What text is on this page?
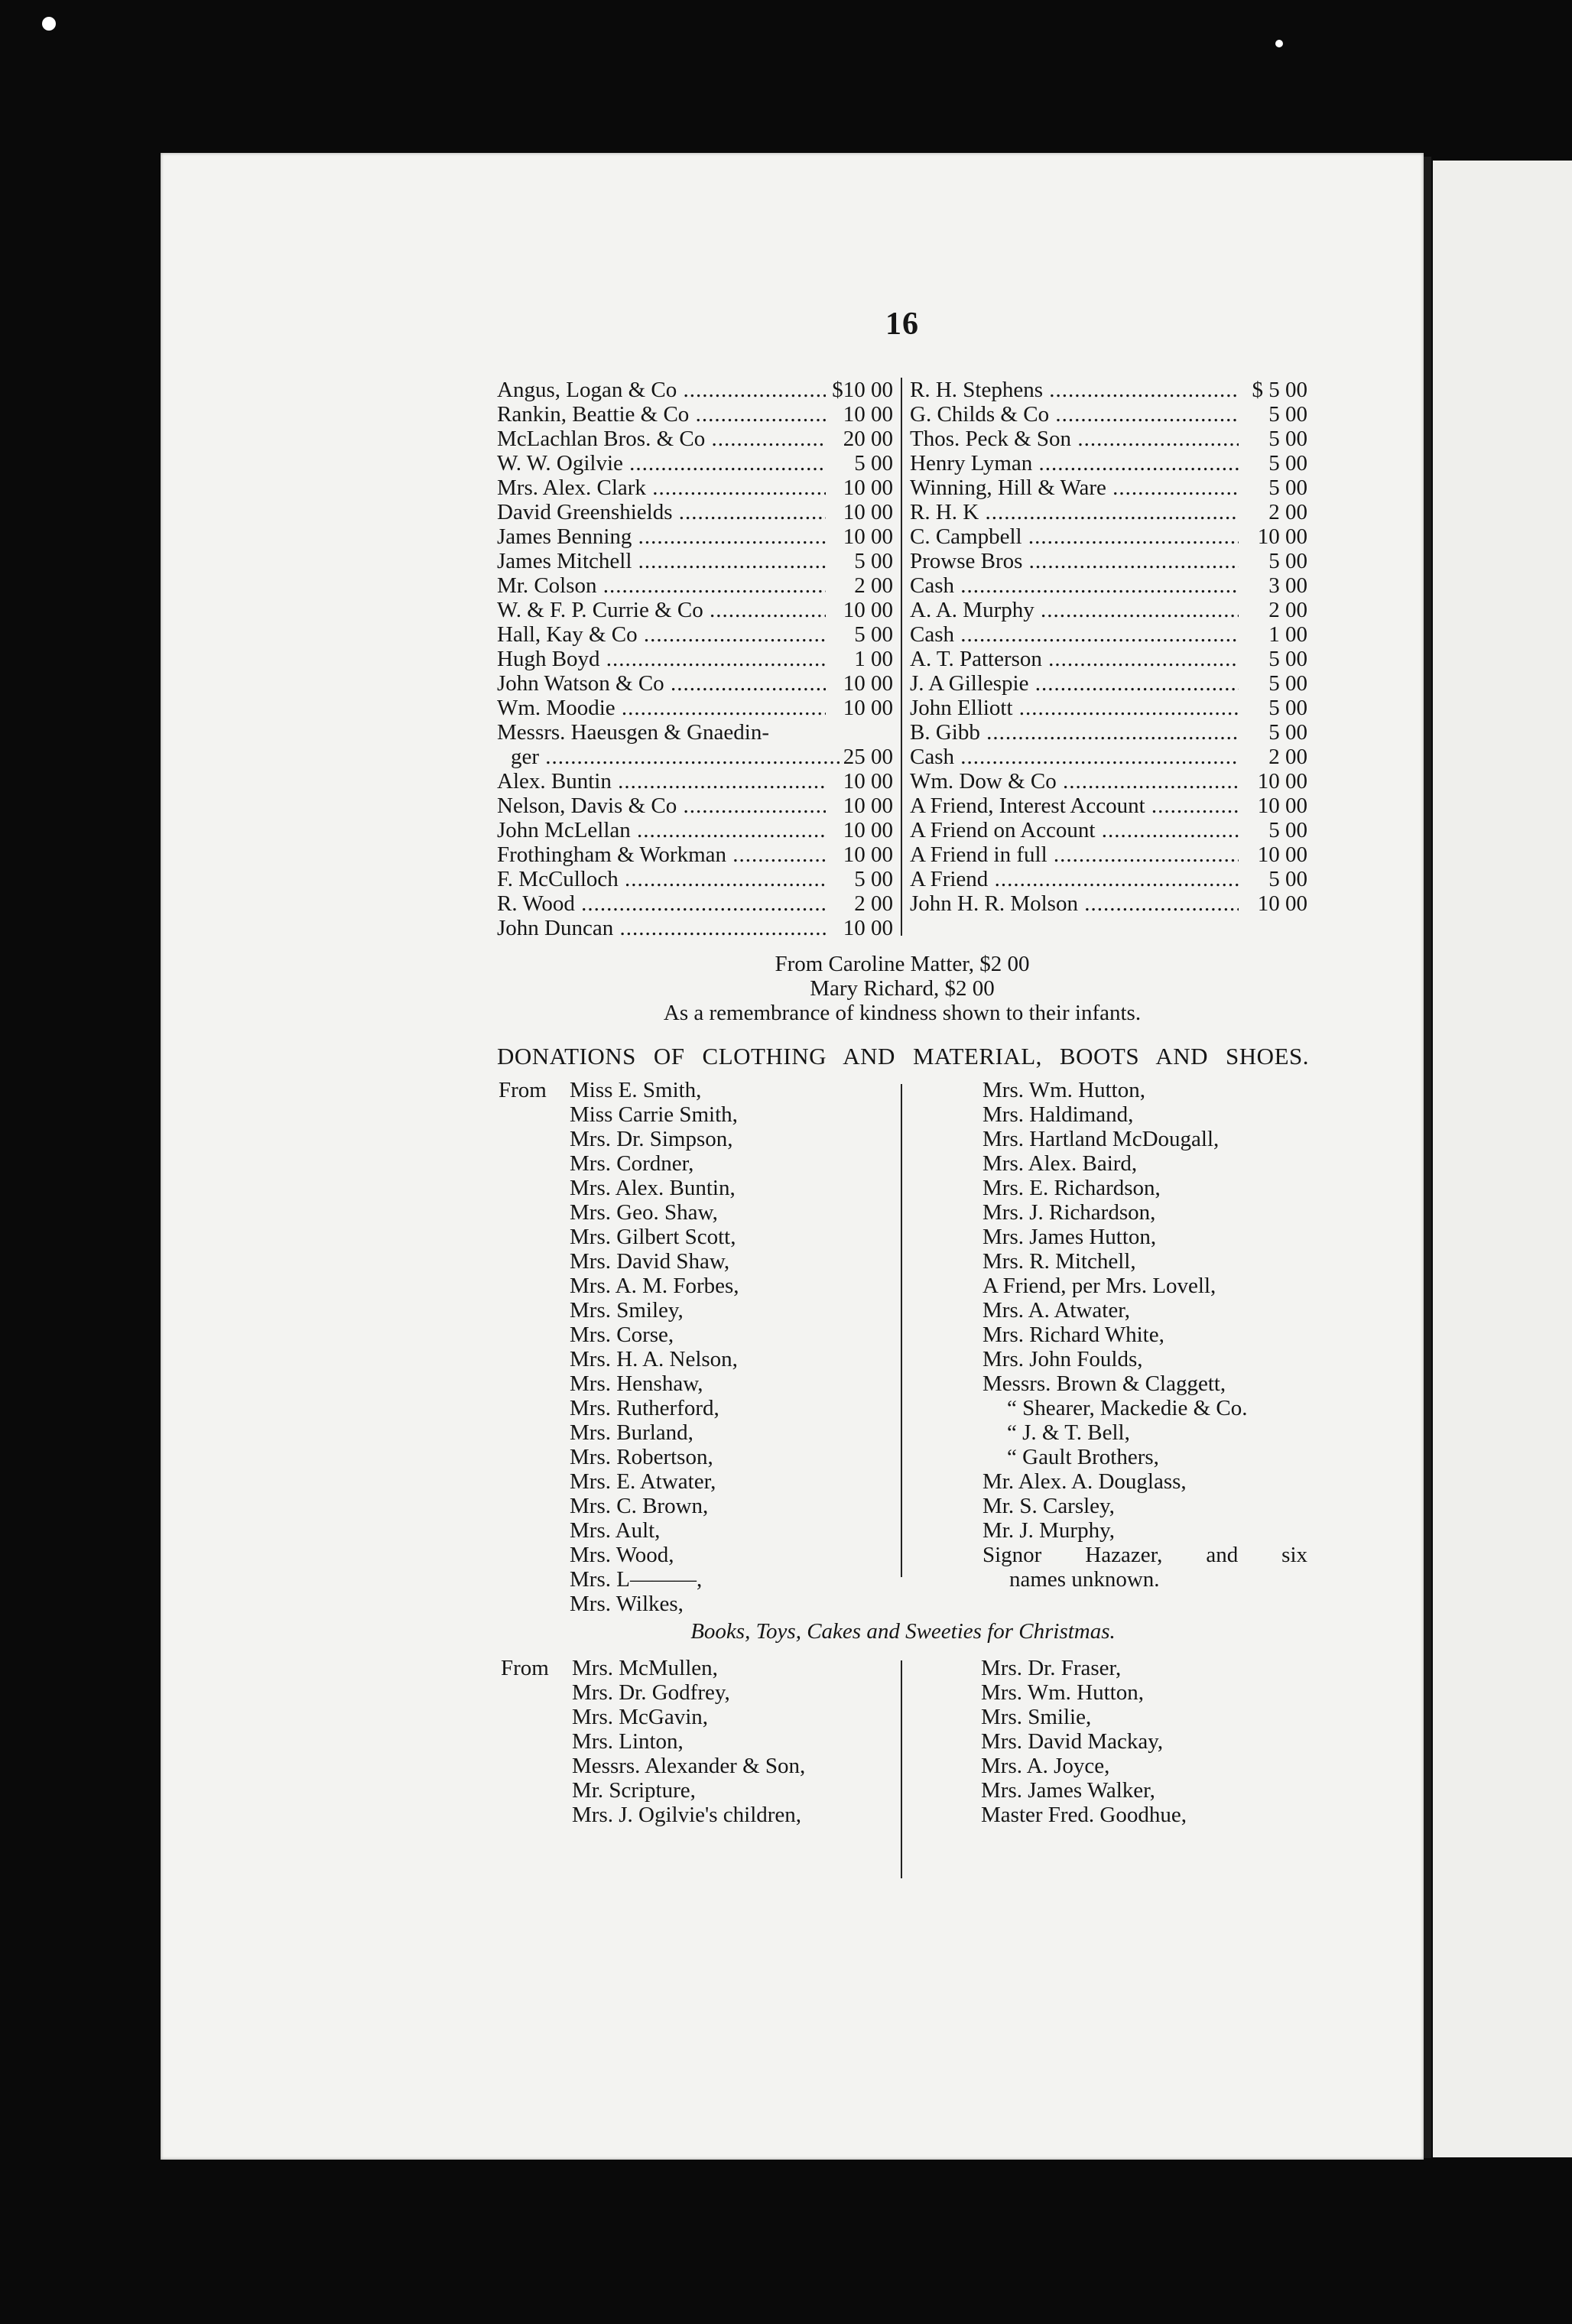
16
Angus, Logan & Co .....	$10 00
Rankin, Beattie & Co .....	10 00
McLachlan Bros. & Co .....	20 00
W. W. Ogilvie .....	5 00
Mrs. Alex. Clark .....	10 00
David Greenshields .....	10 00
James Benning .....	10 00
James Mitchell .....	5 00
Mr. Colson .....	2 00
W. & F. P. Currie & Co .....	10 00
Hall, Kay & Co .....	5 00
Hugh Boyd .....	1 00
John Watson & Co .....	10 00
Wm. Moodie .....	10 00
Messrs. Haeusgen & Gnaedin-
ger .....	25 00
Alex. Buntin .....	10 00
Nelson, Davis & Co .....	10 00
John McLellan .....	10 00
Frothingham & Workman .....	10 00
F. McCulloch .....	5 00
R. Wood .....	2 00
John Duncan .....	10 00
R. H. Stephens .....	$ 5 00
G. Childs & Co .....	5 00
Thos. Peck & Son .....	5 00
Henry Lyman .....	5 00
Winning, Hill & Ware .....	5 00
R. H. K .....	2 00
C. Campbell .....	10 00
Prowse Bros .....	5 00
Cash .....	3 00
A. A. Murphy .....	2 00
Cash .....	1 00
A. T. Patterson .....	5 00
J. A Gillespie .....	5 00
John Elliott .....	5 00
B. Gibb .....	5 00
Cash .....	2 00
Wm. Dow & Co .....	10 00
A Friend, Interest Account .....	10 00
A Friend on Account .....	5 00
A Friend in full .....	10 00
A Friend .....	5 00
John H. R. Molson .....	10 00
From Caroline Matter, $2 00
Mary Richard, $2 00
As a remembrance of kindness shown to their infants.
DONATIONS OF CLOTHING AND MATERIAL, BOOTS AND SHOES.
From Miss E. Smith,
Miss Carrie Smith,
Mrs. Dr. Simpson,
Mrs. Cordner,
Mrs. Alex. Buntin,
Mrs. Geo. Shaw,
Mrs. Gilbert Scott,
Mrs. David Shaw,
Mrs. A. M. Forbes,
Mrs. Smiley,
Mrs. Corse,
Mrs. H. A. Nelson,
Mrs. Henshaw,
Mrs. Rutherford,
Mrs. Burland,
Mrs. Robertson,
Mrs. E. Atwater,
Mrs. C. Brown,
Mrs. Ault,
Mrs. Wood,
Mrs. L———,
Mrs. Wilkes,
Mrs. Wm. Hutton,
Mrs. Haldimand,
Mrs. Hartland McDougall,
Mrs. Alex. Baird,
Mrs. E. Richardson,
Mrs. J. Richardson,
Mrs. James Hutton,
Mrs. R. Mitchell,
A Friend, per Mrs. Lovell,
Mrs. A. Atwater,
Mrs. Richard White,
Mrs. John Foulds,
Messrs. Brown & Claggett,
“ Shearer, Mackedie & Co.
“ J. & T. Bell,
“ Gault Brothers,
Mr. Alex. A. Douglass,
Mr. S. Carsley,
Mr. J. Murphy,
Signor Hazazer, and six
names unknown.
Books, Toys, Cakes and Sweeties for Christmas.
From Mrs. McMullen,
Mrs. Dr. Godfrey,
Mrs. McGavin,
Mrs. Linton,
Messrs. Alexander & Son,
Mr. Scripture,
Mrs. J. Ogilvie's children,
Mrs. Dr. Fraser,
Mrs. Wm. Hutton,
Mrs. Smilie,
Mrs. David Mackay,
Mrs. A. Joyce,
Mrs. James Walker,
Master Fred. Goodhue,
